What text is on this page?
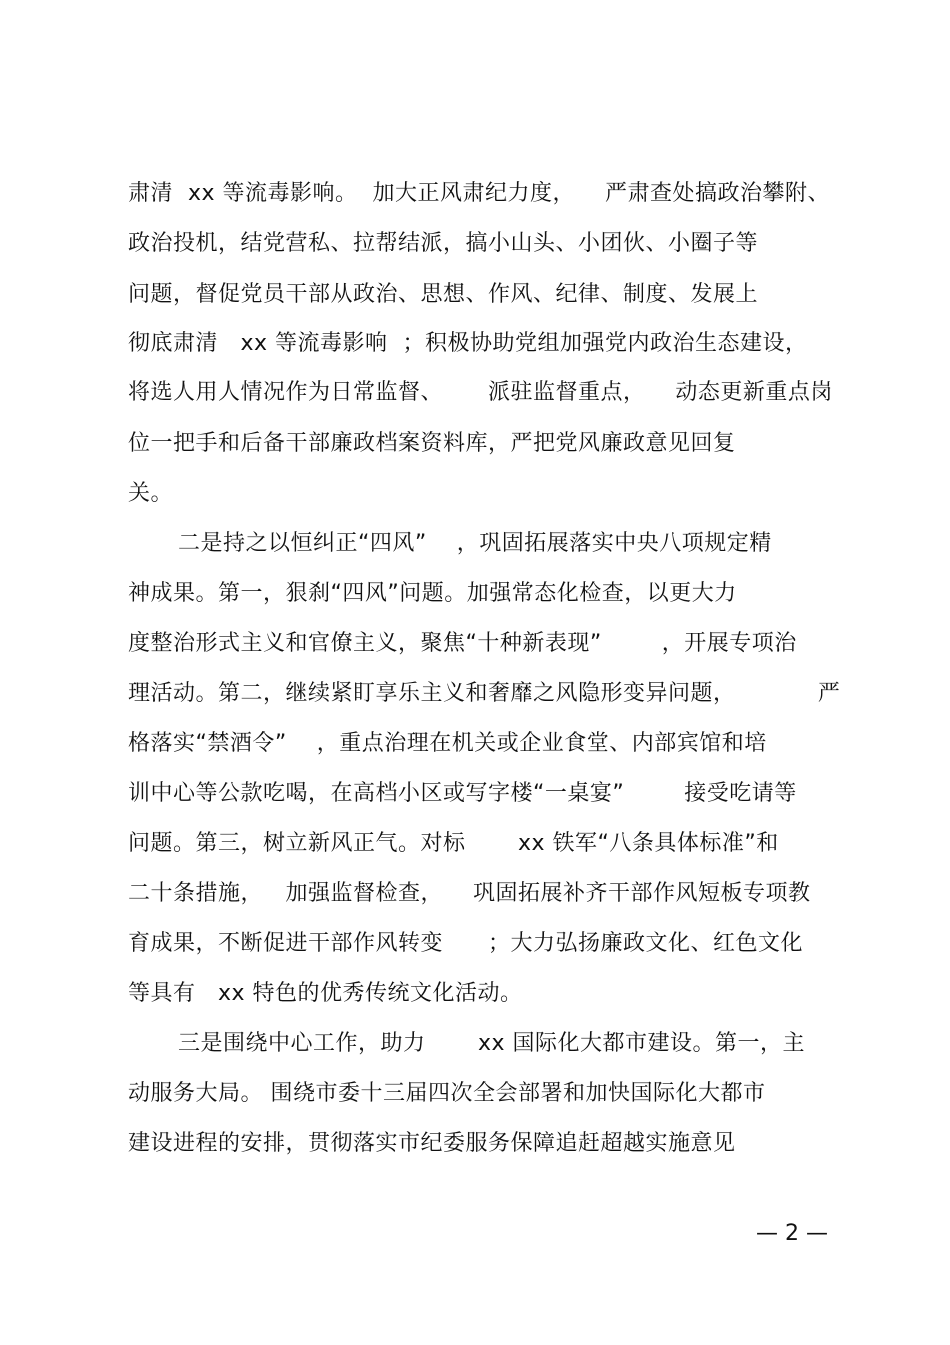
肃清  xx 等流毒影响。  加大正风肃纪力度，    严肃查处搞政治攀附、
政治投机，结党营私、拉帮结派，搞小山头、小团伙、小圈子等
问题，督促党员干部从政治、思想、作风、纪律、制度、发展上
彻底肃清   xx 等流毒影响  ；积极协助党组加强党内政治生态建设，
将选人用人情况作为日常监督、      派驻监督重点，    动态更新重点岗
位一把手和后备干部廉政档案资料库，严把党风廉政意见回复
关。
二是持之以恒纠正“四风”    ，巩固拓展落实中央八项规定精
神成果。第一，狠刹“四风”问题。加强常态化检查，以更大力
度整治形式主义和官僚主义，聚焦“十种新表现”        ，开展专项治
理活动。第二，继续紧盯享乐主义和奢靡之风隐形变异问题，           严
格落实“禁酒令”    ，重点治理在机关或企业食堂、内部宾馆和培
训中心等公款吃喝，在高档小区或写字楼“一桌宴”        接受吃请等
问题。第三，树立新风正气。对标       xx 铁军“八条具体标准”和
二十条措施，   加强监督检查，    巩固拓展补齐干部作风短板专项教
育成果，不断促进干部作风转变      ；大力弘扬廉政文化、红色文化
等具有   xx 特色的优秀传统文化活动。
三是围绕中心工作，助力       xx 国际化大都市建设。第一，主
动服务大局。 围绕市委十三届四次全会部署和加快国际化大都市
建设进程的安排，贯彻落实市纪委服务保障追赶超越实施意见
— 2 —
